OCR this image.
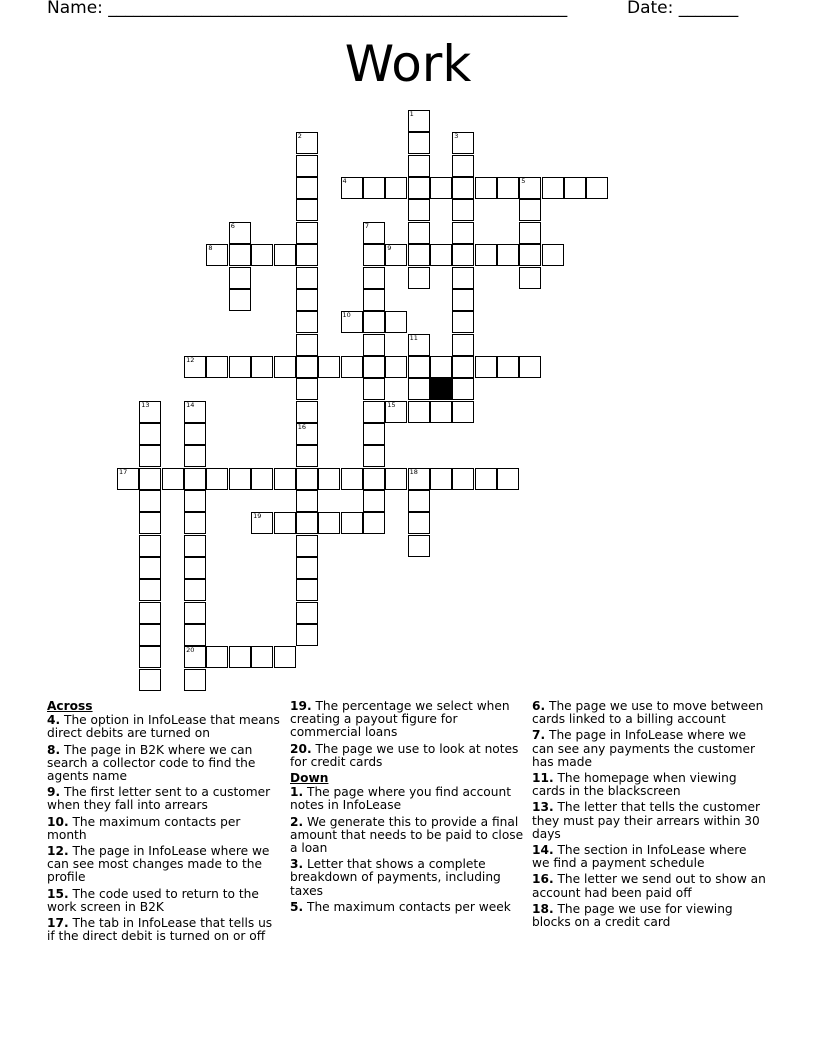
Name: ______________________________________________________	Date: _______
Work
1
2	3
4	5
6	7
8	9
10
11
12
13	14
20
15
16
17	18
19
Across
4. The option in InfoLease that means direct debits are turned on
8. The page in B2K where we can search a collector code to find the agents name
9. The first letter sent to a customer when they fall into arrears
10. The maximum contacts per month
12. The page in InfoLease where we can see most changes made to the profile
15. The code used to return to the work screen in B2K
17. The tab in InfoLease that tells us if the direct debit is turned on or off
19. The percentage we select when creating a payout figure for commercial loans
20. The page we use to look at notes for credit cards
Down
1. The page where you find account notes in InfoLease
2. We generate this to provide a final amount that needs to be paid to close a loan
3. Letter that shows a complete breakdown of payments, including taxes
5. The maximum contacts per week
6. The page we use to move between cards linked to a billing account
7. The page in InfoLease where we can see any payments the customer has made
11. The homepage when viewing cards in the blackscreen
13. The letter that tells the customer they must pay their arrears within 30 days
14. The section in InfoLease where we find a payment schedule
16. The letter we send out to show an account had been paid off
18. The page we use for viewing blocks on a credit card
